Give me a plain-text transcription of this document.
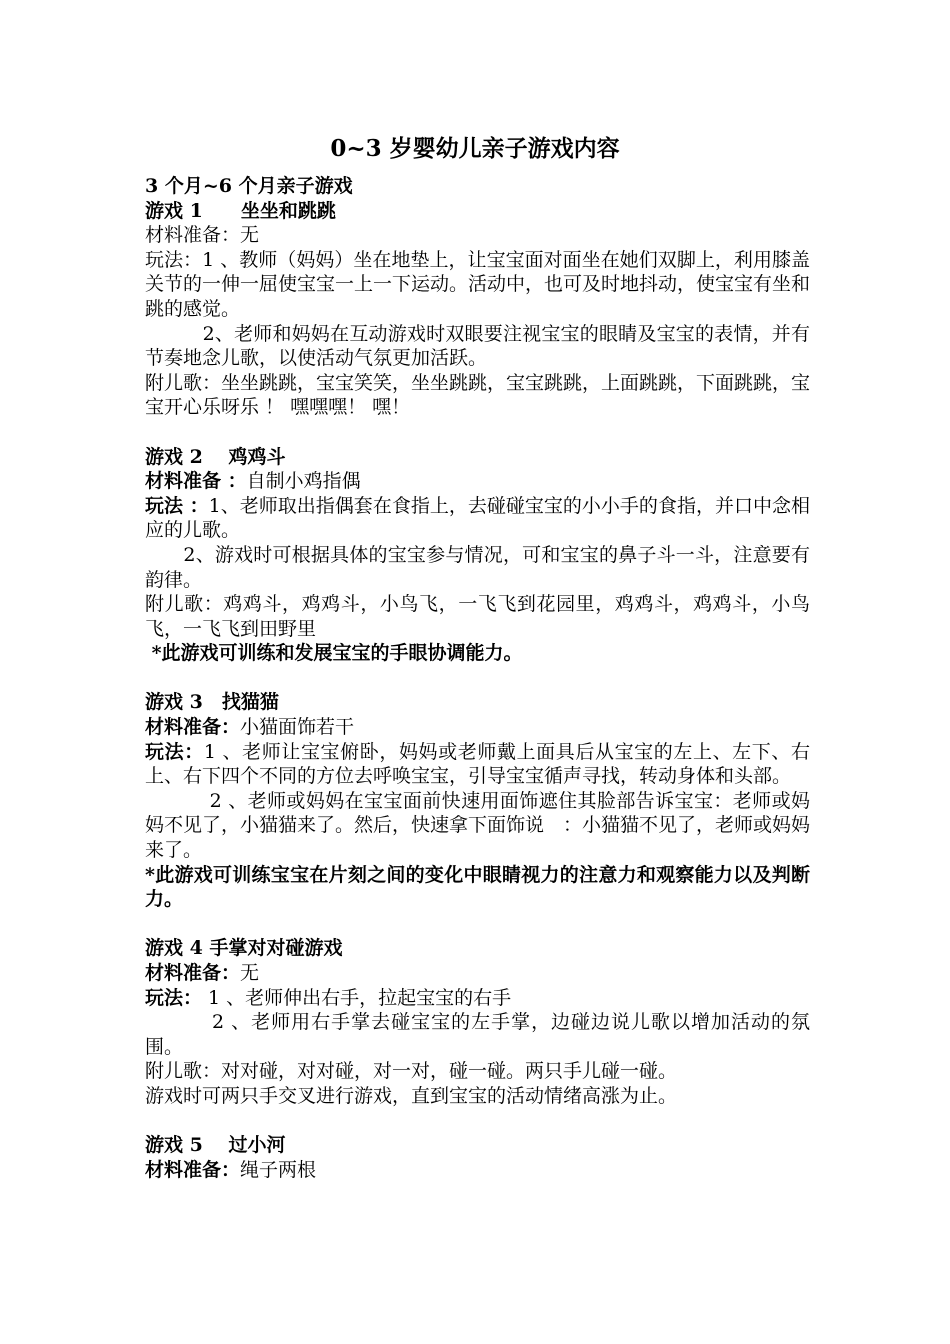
0~3 岁婴幼儿亲子游戏内容

3 个月~6 个月亲子游戏

游戏 1　　坐坐和跳跳

材料准备：无

玩法：1 、教师（妈妈）坐在地垫上，让宝宝面对面坐在她们双脚上，利用膝盖关节的一伸一屈使宝宝一上一下运动。活动中，也可及时地抖动，使宝宝有坐和跳的感觉。

　　　2、老师和妈妈在互动游戏时双眼要注视宝宝的眼睛及宝宝的表情，并有节奏地念儿歌，以使活动气氛更加活跃。

附儿歌：坐坐跳跳，宝宝笑笑，坐坐跳跳，宝宝跳跳，上面跳跳，下面跳跳，宝宝开心乐呀乐 ！ 嘿嘿嘿！ 嘿！

游戏 2　 鸡鸡斗

材料准备 ：自制小鸡指偶

玩法 ：1、老师取出指偶套在食指上，去碰碰宝宝的小小手的食指，并口中念相应的儿歌。

　　2、游戏时可根据具体的宝宝参与情况，可和宝宝的鼻子斗一斗，注意要有韵律。

附儿歌：鸡鸡斗，鸡鸡斗，小鸟飞，一飞飞到花园里，鸡鸡斗，鸡鸡斗，小鸟飞，一飞飞到田野里

*此游戏可训练和发展宝宝的手眼协调能力。

游戏 3　找猫猫

材料准备：小猫面饰若干

玩法：1 、老师让宝宝俯卧，妈妈或老师戴上面具后从宝宝的左上、左下、右上、右下四个不同的方位去呼唤宝宝，引导宝宝循声寻找，转动身体和头部。

　　　 2 、老师或妈妈在宝宝面前快速用面饰遮住其脸部告诉宝宝：老师或妈妈不见了，小猫猫来了。然后，快速拿下面饰说　：小猫猫不见了，老师或妈妈来了。

*此游戏可训练宝宝在片刻之间的变化中眼睛视力的注意力和观察能力以及判断力。

游戏 4 手掌对对碰游戏

材料准备：无

玩法： 1 、老师伸出右手，拉起宝宝的右手

　　　 2 、老师用右手掌去碰宝宝的左手掌，边碰边说儿歌以增加活动的氛围。

附儿歌：对对碰，对对碰，对一对，碰一碰。两只手儿碰一碰。

游戏时可两只手交叉进行游戏，直到宝宝的活动情绪高涨为止。

游戏 5　 过小河

材料准备：绳子两根
